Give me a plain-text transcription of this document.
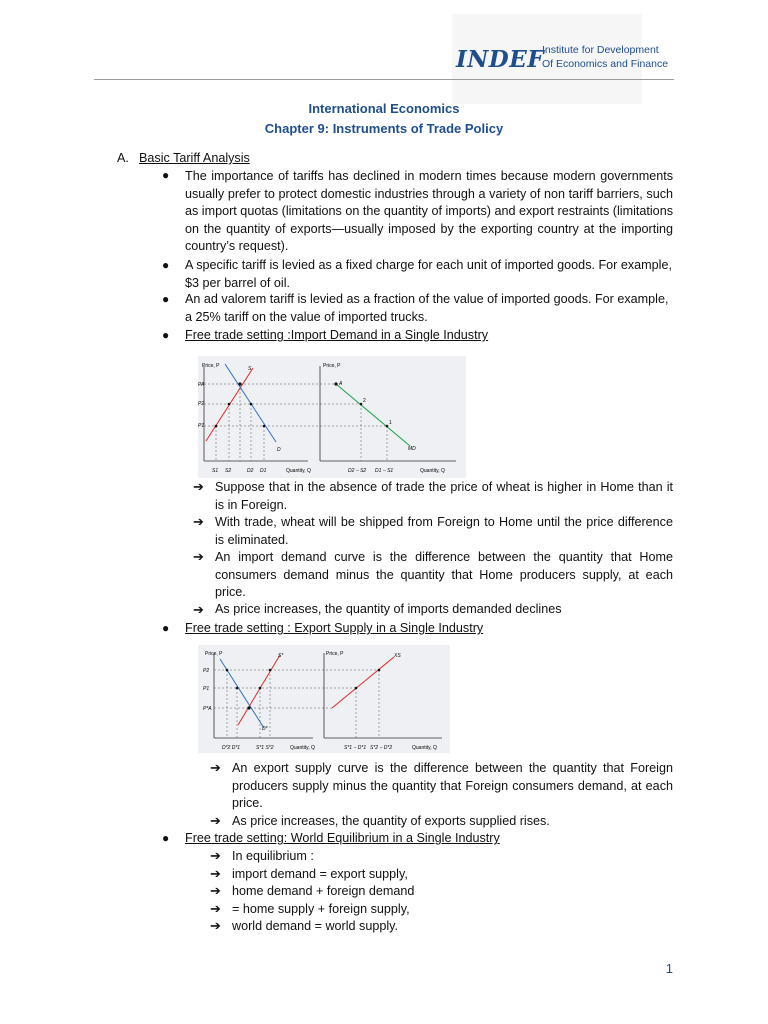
INDEF
Institute for Development
Of Economics and Finance
International Economics
Chapter 9: Instruments of Trade Policy
A. Basic Tariff Analysis
● The importance of tariffs has declined in modern times because modern governments usually prefer to protect domestic industries through a variety of non tariff barriers, such as import quotas (limitations on the quantity of imports) and export restraints (limitations on the quantity of exports—usually imposed by the exporting country at the importing country’s request).
● A specific tariff is levied as a fixed charge for each unit of imported goods. For example, $3 per barrel of oil.
● An ad valorem tariff is levied as a fraction of the value of imported goods. For example, a 25% tariff on the value of imported trucks.
● Free trade setting :Import Demand in a Single Industry
Price, P
PA
P2
P1
S
D
S1 S2	D2 D1	Quantity, Q
Price, P
A
2
1
MD
D2 − S2 D1 − S1	Quantity, Q
➔ Suppose that in the absence of trade the price of wheat is higher in Home than it is in Foreign.
➔ With trade, wheat will be shipped from Foreign to Home until the price difference is eliminated.
➔ An import demand curve is the difference between the quantity that Home consumers demand minus the quantity that Home producers supply, at each price.
➔ As price increases, the quantity of imports demanded declines
● Free trade setting : Export Supply in a Single Industry
Price, P
P2
P1
P*A
S*
D*
D*2 D*1	S*1 S*2	Quantity, Q
Price, P	XS
S*1 − D*1 S*2 − D*2	Quantity, Q
➔ An export supply curve is the difference between the quantity that Foreign producers supply minus the quantity that Foreign consumers demand, at each price.
➔ As price increases, the quantity of exports supplied rises.
● Free trade setting: World Equilibrium in a Single Industry
➔ In equilibrium :
➔ import demand = export supply,
➔ home demand + foreign demand
➔ = home supply + foreign supply,
➔ world demand = world supply.
1
